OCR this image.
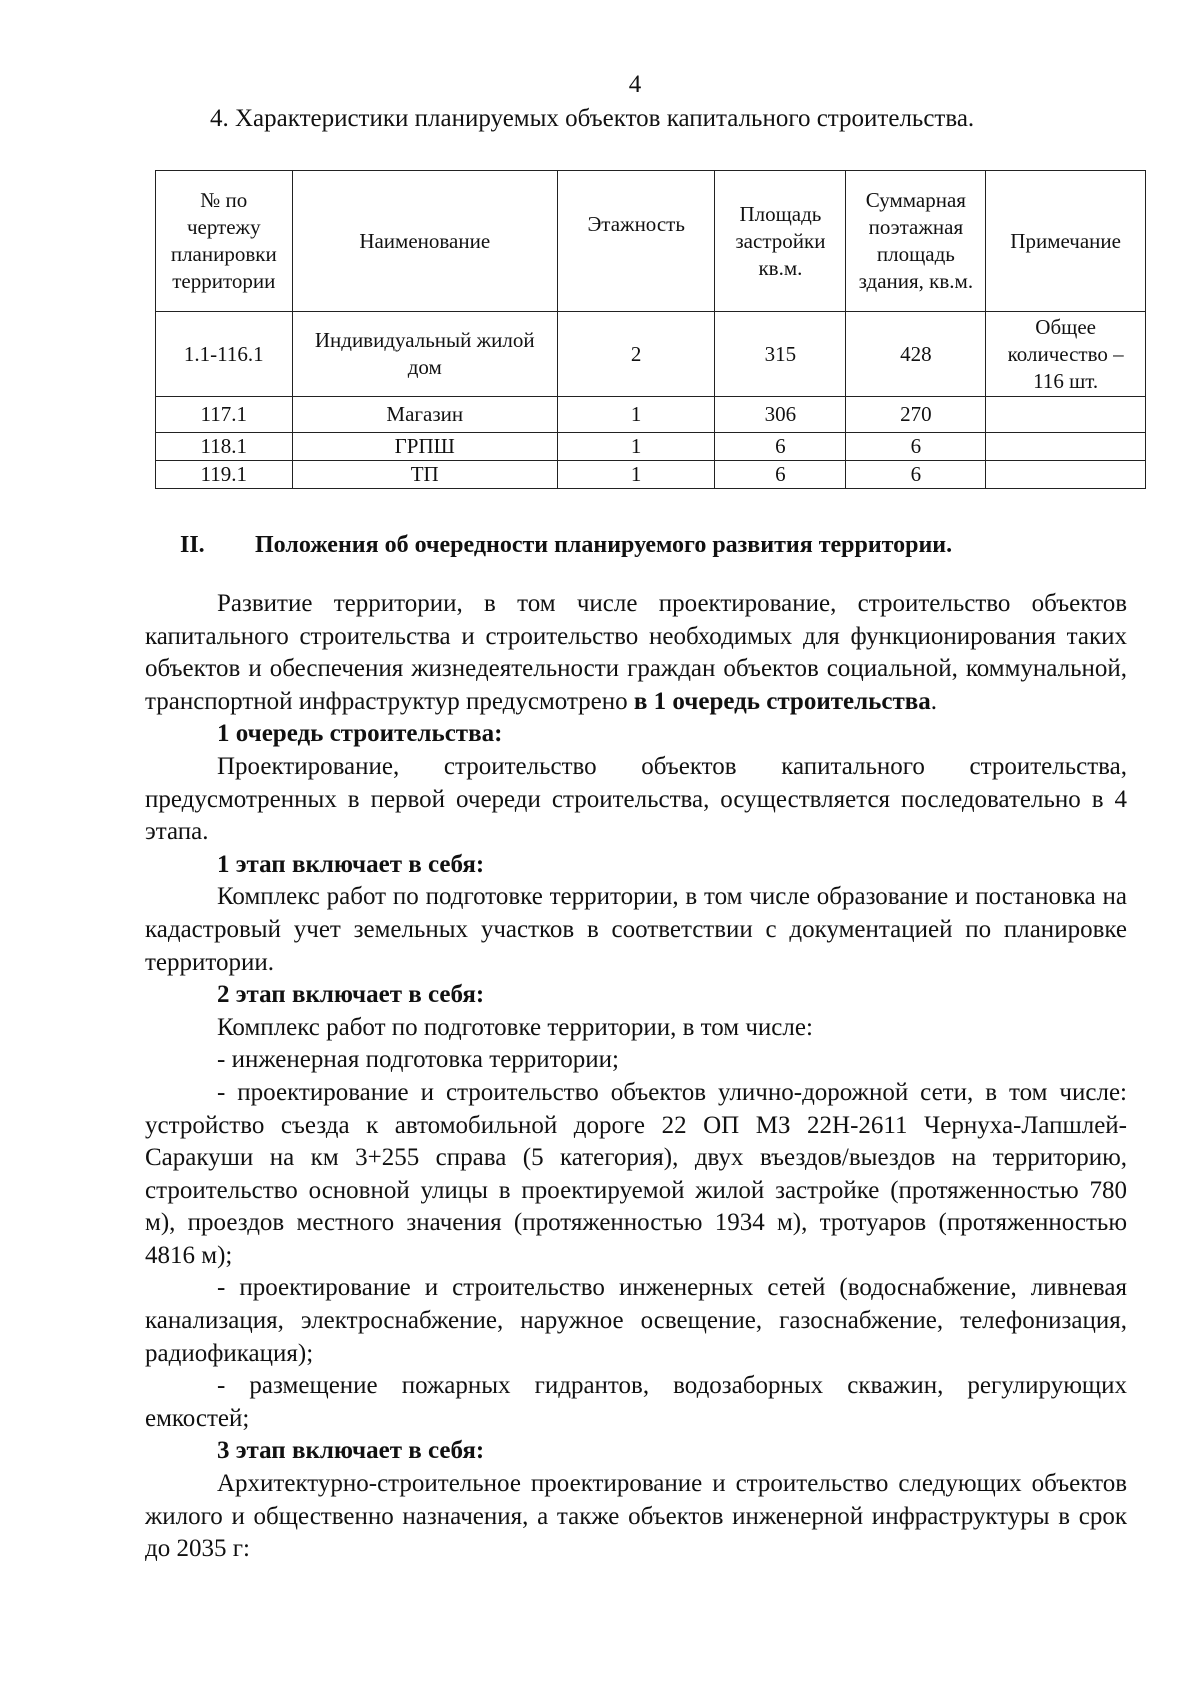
4
4. Характеристики планируемых объектов капитального строительства.
№ по чертежу планировки территории	Наименование	Этажность	Площадь застройки кв.м.	Суммарная поэтажная площадь здания, кв.м.	Примечание
1.1-116.1	Индивидуальный жилой дом	2	315	428	Общее количество – 116 шт.
117.1	Магазин	1	306	270	
118.1	ГРПШ	1	6	6	
119.1	ТП	1	6	6	
II. Положения об очередности планируемого развития территории.

Развитие территории, в том числе проектирование, строительство объектов капитального строительства и строительство необходимых для функционирования таких объектов и обеспечения жизнедеятельности граждан объектов социальной, коммунальной, транспортной инфраструктур предусмотрено в 1 очередь строительства.

1 очередь строительства:

Проектирование, строительство объектов капитального строительства, предусмотренных в первой очереди строительства, осуществляется последовательно в 4 этапа.

1 этап включает в себя:

Комплекс работ по подготовке территории, в том числе образование и постановка на кадастровый учет земельных участков в соответствии с документацией по планировке территории.

2 этап включает в себя:

Комплекс работ по подготовке территории, в том числе:

- инженерная подготовка территории;

- проектирование и строительство объектов улично-дорожной сети, в том числе: устройство съезда к автомобильной дороге 22 ОП МЗ 22Н-2611 Чернуха-Лапшлей-Саракуши на км 3+255 справа (5 категория), двух въездов/выездов на территорию, строительство основной улицы в проектируемой жилой застройке (протяженностью 780 м), проездов местного значения (протяженностью 1934 м), тротуаров (протяженностью 4816 м);

- проектирование и строительство инженерных сетей (водоснабжение, ливневая канализация, электроснабжение, наружное освещение, газоснабжение, телефонизация, радиофикация);

- размещение пожарных гидрантов, водозаборных скважин, регулирующих емкостей;

3 этап включает в себя:

Архитектурно-строительное проектирование и строительство следующих объектов жилого и общественно назначения, а также объектов инженерной инфраструктуры в срок до 2035 г:
